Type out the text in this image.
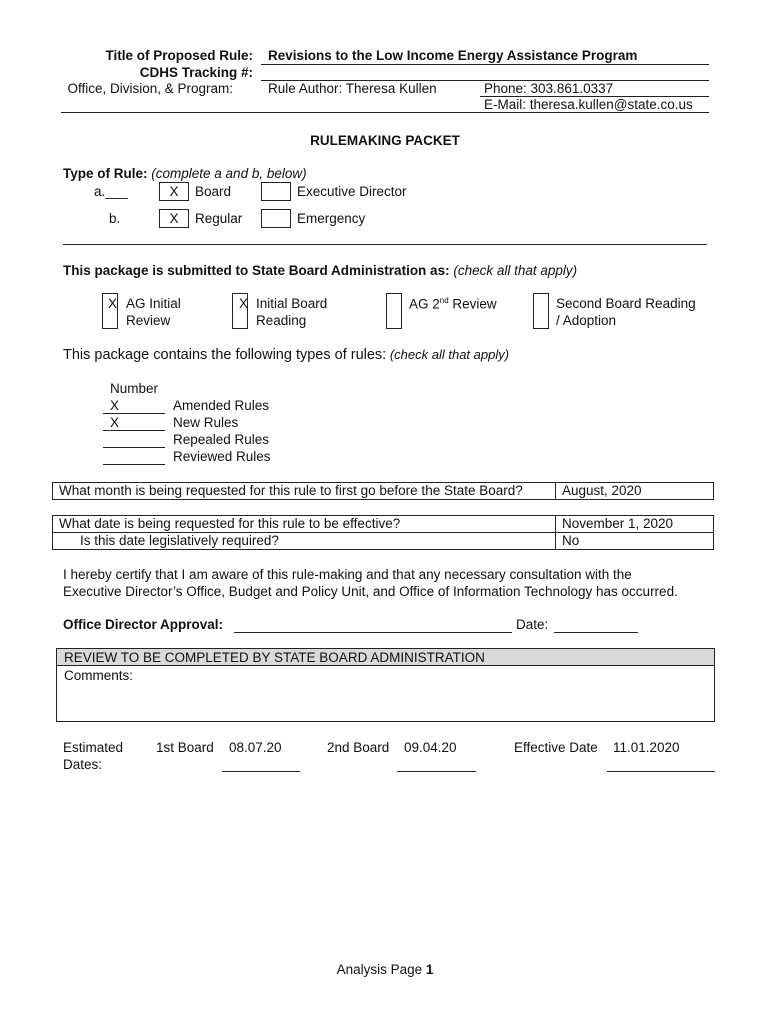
Title of Proposed Rule: Revisions to the Low Income Energy Assistance Program
CDHS Tracking #:
Office, Division, & Program:	Rule Author: Theresa Kullen	Phone: 303.861.0337
E-Mail: theresa.kullen@state.co.us
RULEMAKING PACKET
Type of Rule: (complete a and b, below)
a.___	X	Board	Executive Director
b.	X	Regular	Emergency
This package is submitted to State Board Administration as: (check all that apply)
X AG Initial
Review
X Initial Board
Reading
AG 2nd Review	Second Board Reading
/ Adoption
This package contains the following types of rules: (check all that apply)
Number
X	Amended Rules
X	New Rules
Repealed Rules
Reviewed Rules
What month is being requested for this rule to first go before the State Board?	August, 2020
What date is being requested for this rule to be effective?	November 1, 2020
Is this date legislatively required?	No
I hereby certify that I am aware of this rule-making and that any necessary consultation with the
Executive Director’s Office, Budget and Policy Unit, and Office of Information Technology has occurred.
Office Director Approval:	Date:
REVIEW TO BE COMPLETED BY STATE BOARD ADMINISTRATION
Comments:
Estimated
Dates:
1st Board 08.07.20	2nd Board 09.04.20	Effective Date 11.01.2020
Analysis Page 1
